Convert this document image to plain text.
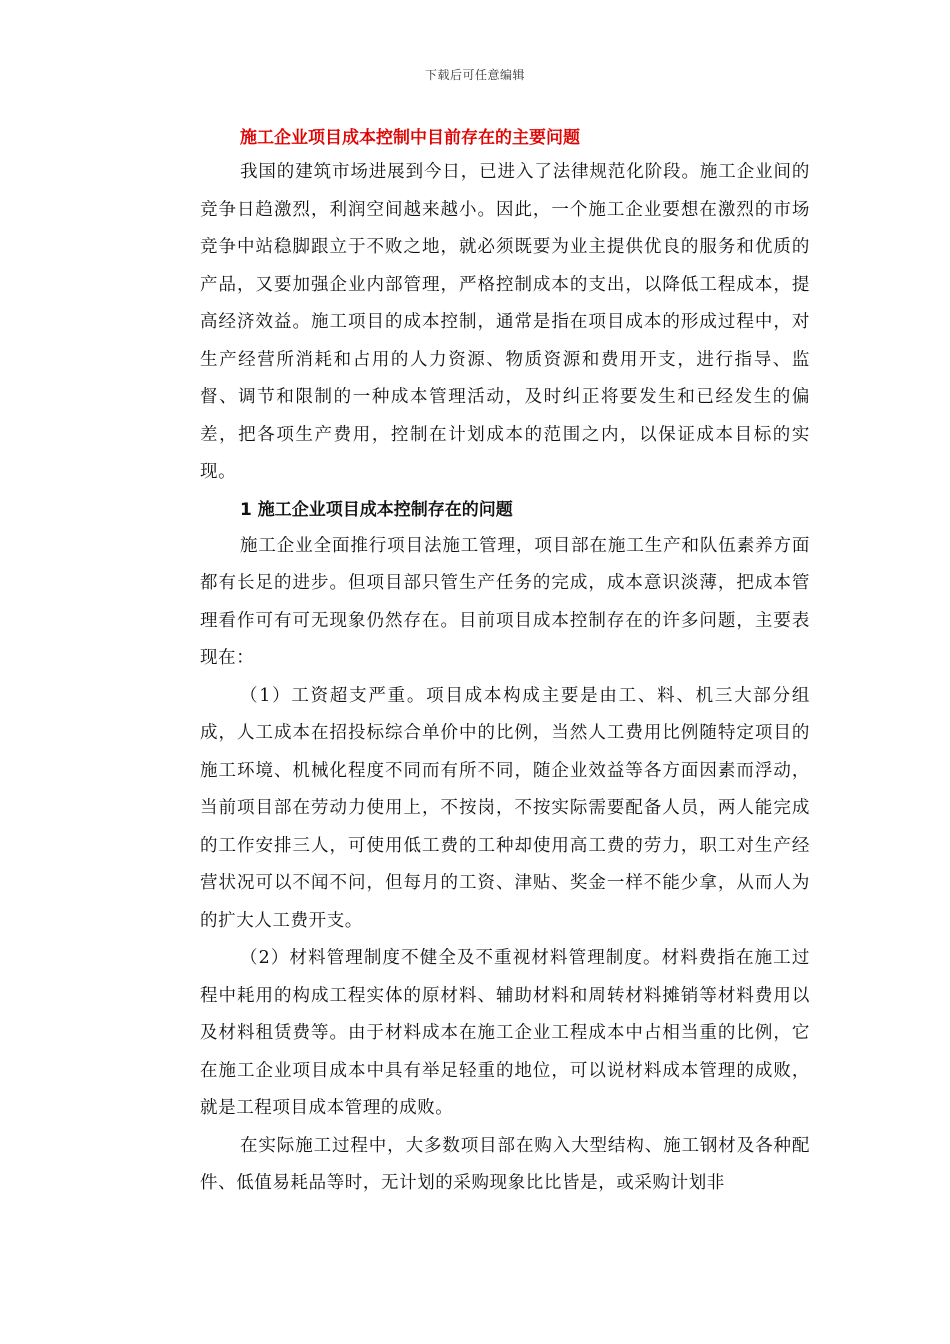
下载后可任意编辑
施工企业项目成本控制中目前存在的主要问题

我国的建筑市场进展到今日，已进入了法律规范化阶段。施工企业间的竞争日趋激烈，利润空间越来越小。因此，一个施工企业要想在激烈的市场竞争中站稳脚跟立于不败之地，就必须既要为业主提供优良的服务和优质的产品，又要加强企业内部管理，严格控制成本的支出，以降低工程成本，提高经济效益。施工项目的成本控制，通常是指在项目成本的形成过程中，对生产经营所消耗和占用的人力资源、物质资源和费用开支，进行指导、监督、调节和限制的一种成本管理活动，及时纠正将要发生和已经发生的偏差，把各项生产费用，控制在计划成本的范围之内，以保证成本目标的实现。

1 施工企业项目成本控制存在的问题

施工企业全面推行项目法施工管理，项目部在施工生产和队伍素养方面都有长足的进步。但项目部只管生产任务的完成，成本意识淡薄，把成本管理看作可有可无现象仍然存在。目前项目成本控制存在的许多问题，主要表现在：

（1）工资超支严重。项目成本构成主要是由工、料、机三大部分组成，人工成本在招投标综合单价中的比例，当然人工费用比例随特定项目的施工环境、机械化程度不同而有所不同，随企业效益等各方面因素而浮动，当前项目部在劳动力使用上，不按岗，不按实际需要配备人员，两人能完成的工作安排三人，可使用低工费的工种却使用高工费的劳力，职工对生产经营状况可以不闻不问，但每月的工资、津贴、奖金一样不能少拿，从而人为的扩大人工费开支。

（2）材料管理制度不健全及不重视材料管理制度。材料费指在施工过程中耗用的构成工程实体的原材料、辅助材料和周转材料摊销等材料费用以及材料租赁费等。由于材料成本在施工企业工程成本中占相当重的比例，它在施工企业项目成本中具有举足轻重的地位，可以说材料成本管理的成败，就是工程项目成本管理的成败。

在实际施工过程中，大多数项目部在购入大型结构、施工钢材及各种配件、低值易耗品等时，无计划的采购现象比比皆是，或采购计划非
